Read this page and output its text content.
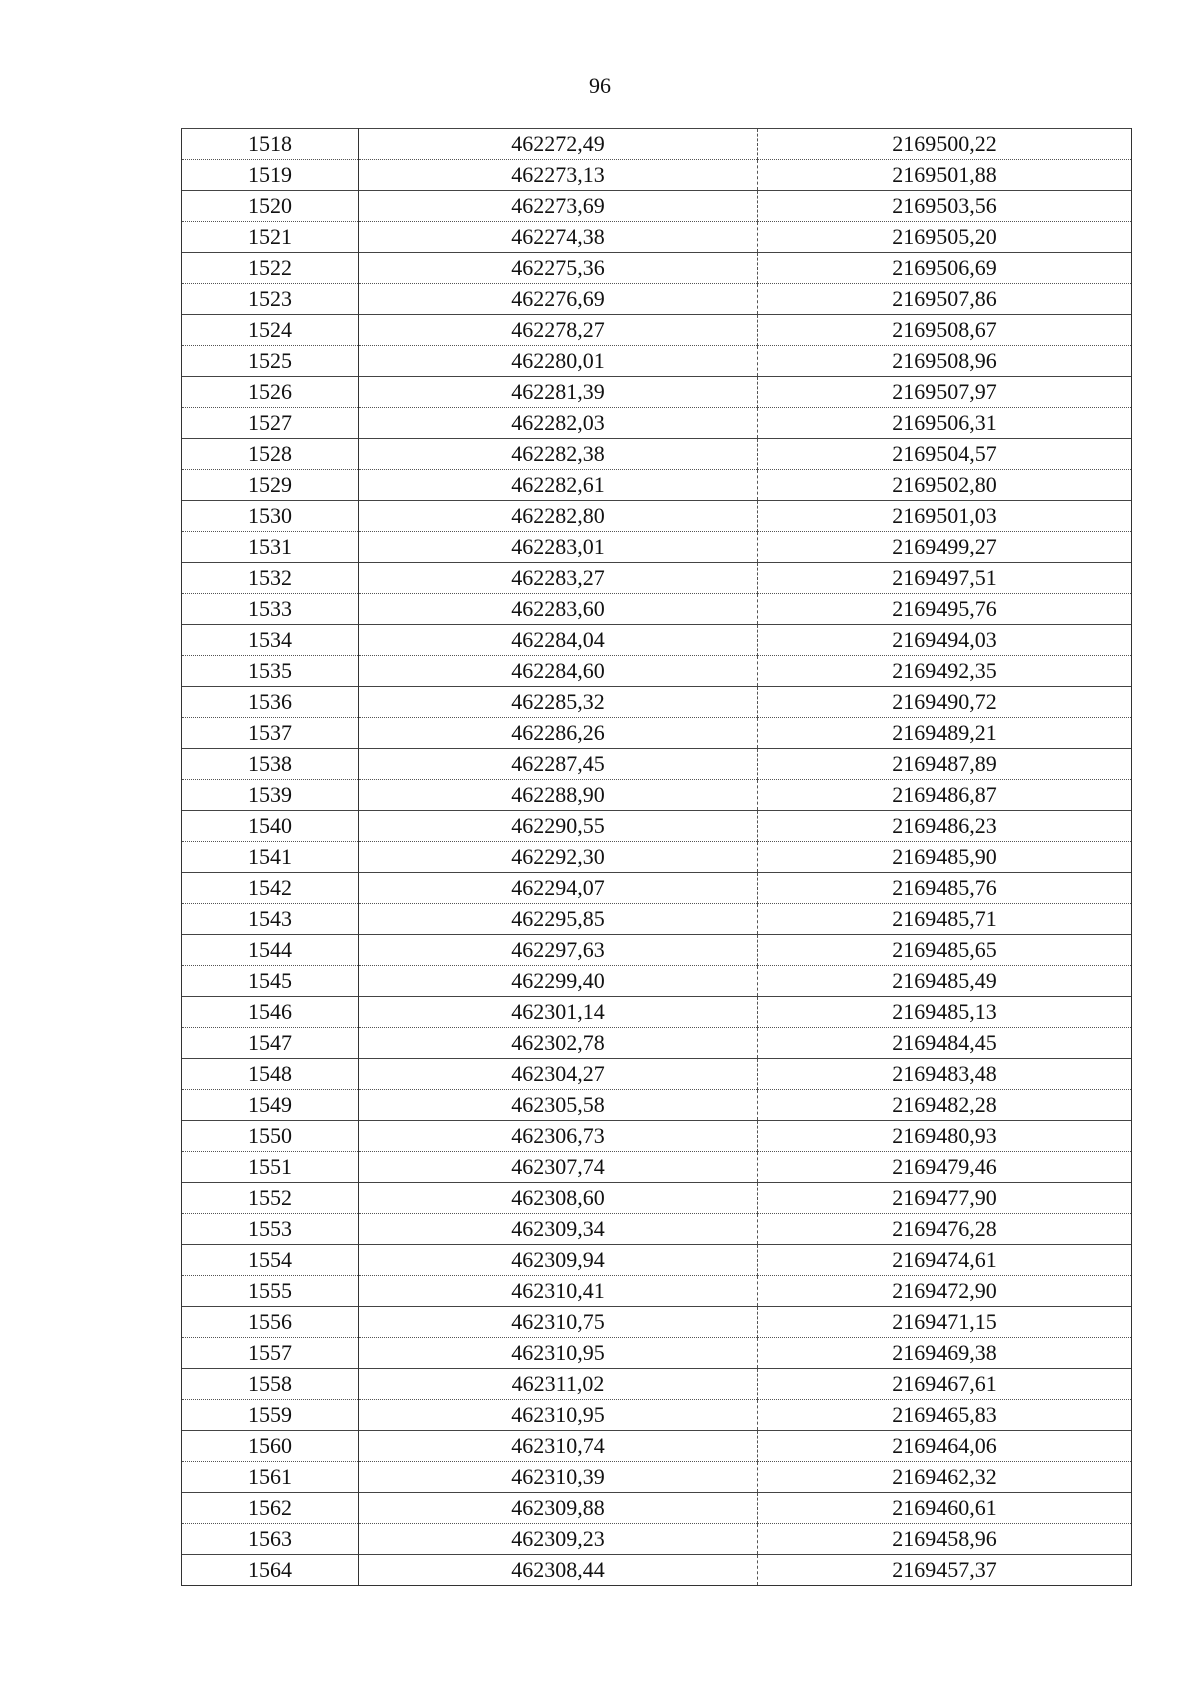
96
1518	462272,49	2169500,22
1519	462273,13	2169501,88
1520	462273,69	2169503,56
1521	462274,38	2169505,20
1522	462275,36	2169506,69
1523	462276,69	2169507,86
1524	462278,27	2169508,67
1525	462280,01	2169508,96
1526	462281,39	2169507,97
1527	462282,03	2169506,31
1528	462282,38	2169504,57
1529	462282,61	2169502,80
1530	462282,80	2169501,03
1531	462283,01	2169499,27
1532	462283,27	2169497,51
1533	462283,60	2169495,76
1534	462284,04	2169494,03
1535	462284,60	2169492,35
1536	462285,32	2169490,72
1537	462286,26	2169489,21
1538	462287,45	2169487,89
1539	462288,90	2169486,87
1540	462290,55	2169486,23
1541	462292,30	2169485,90
1542	462294,07	2169485,76
1543	462295,85	2169485,71
1544	462297,63	2169485,65
1545	462299,40	2169485,49
1546	462301,14	2169485,13
1547	462302,78	2169484,45
1548	462304,27	2169483,48
1549	462305,58	2169482,28
1550	462306,73	2169480,93
1551	462307,74	2169479,46
1552	462308,60	2169477,90
1553	462309,34	2169476,28
1554	462309,94	2169474,61
1555	462310,41	2169472,90
1556	462310,75	2169471,15
1557	462310,95	2169469,38
1558	462311,02	2169467,61
1559	462310,95	2169465,83
1560	462310,74	2169464,06
1561	462310,39	2169462,32
1562	462309,88	2169460,61
1563	462309,23	2169458,96
1564	462308,44	2169457,37
